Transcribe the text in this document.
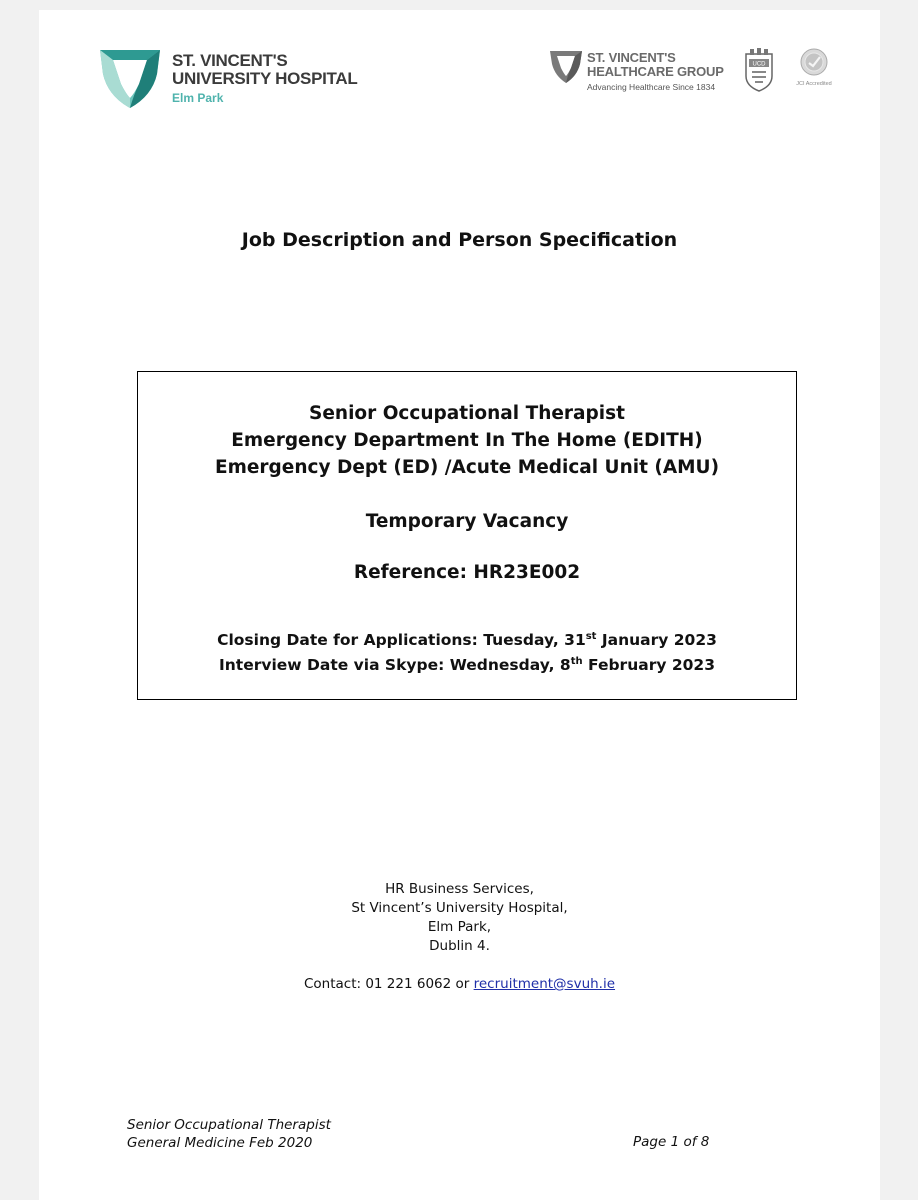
ST. VINCENT'S
UNIVERSITY HOSPITAL
Elm Park
ST. VINCENT'S
HEALTHCARE GROUP
Advancing Healthcare Since 1834
UCD
JCI Accredited
Job Description and Person Specification
Senior Occupational Therapist
Emergency Department In The Home (EDITH)
Emergency Dept (ED) /Acute Medical Unit (AMU)
Temporary Vacancy
Reference: HR23E002
Closing Date for Applications: Tuesday, 31st January 2023
Interview Date via Skype: Wednesday, 8th February 2023
HR Business Services,
St Vincent’s University Hospital,
Elm Park,
Dublin 4.
Contact: 01 221 6062 or recruitment@svuh.ie
Senior Occupational Therapist
General Medicine Feb 2020	Page 1 of 8
